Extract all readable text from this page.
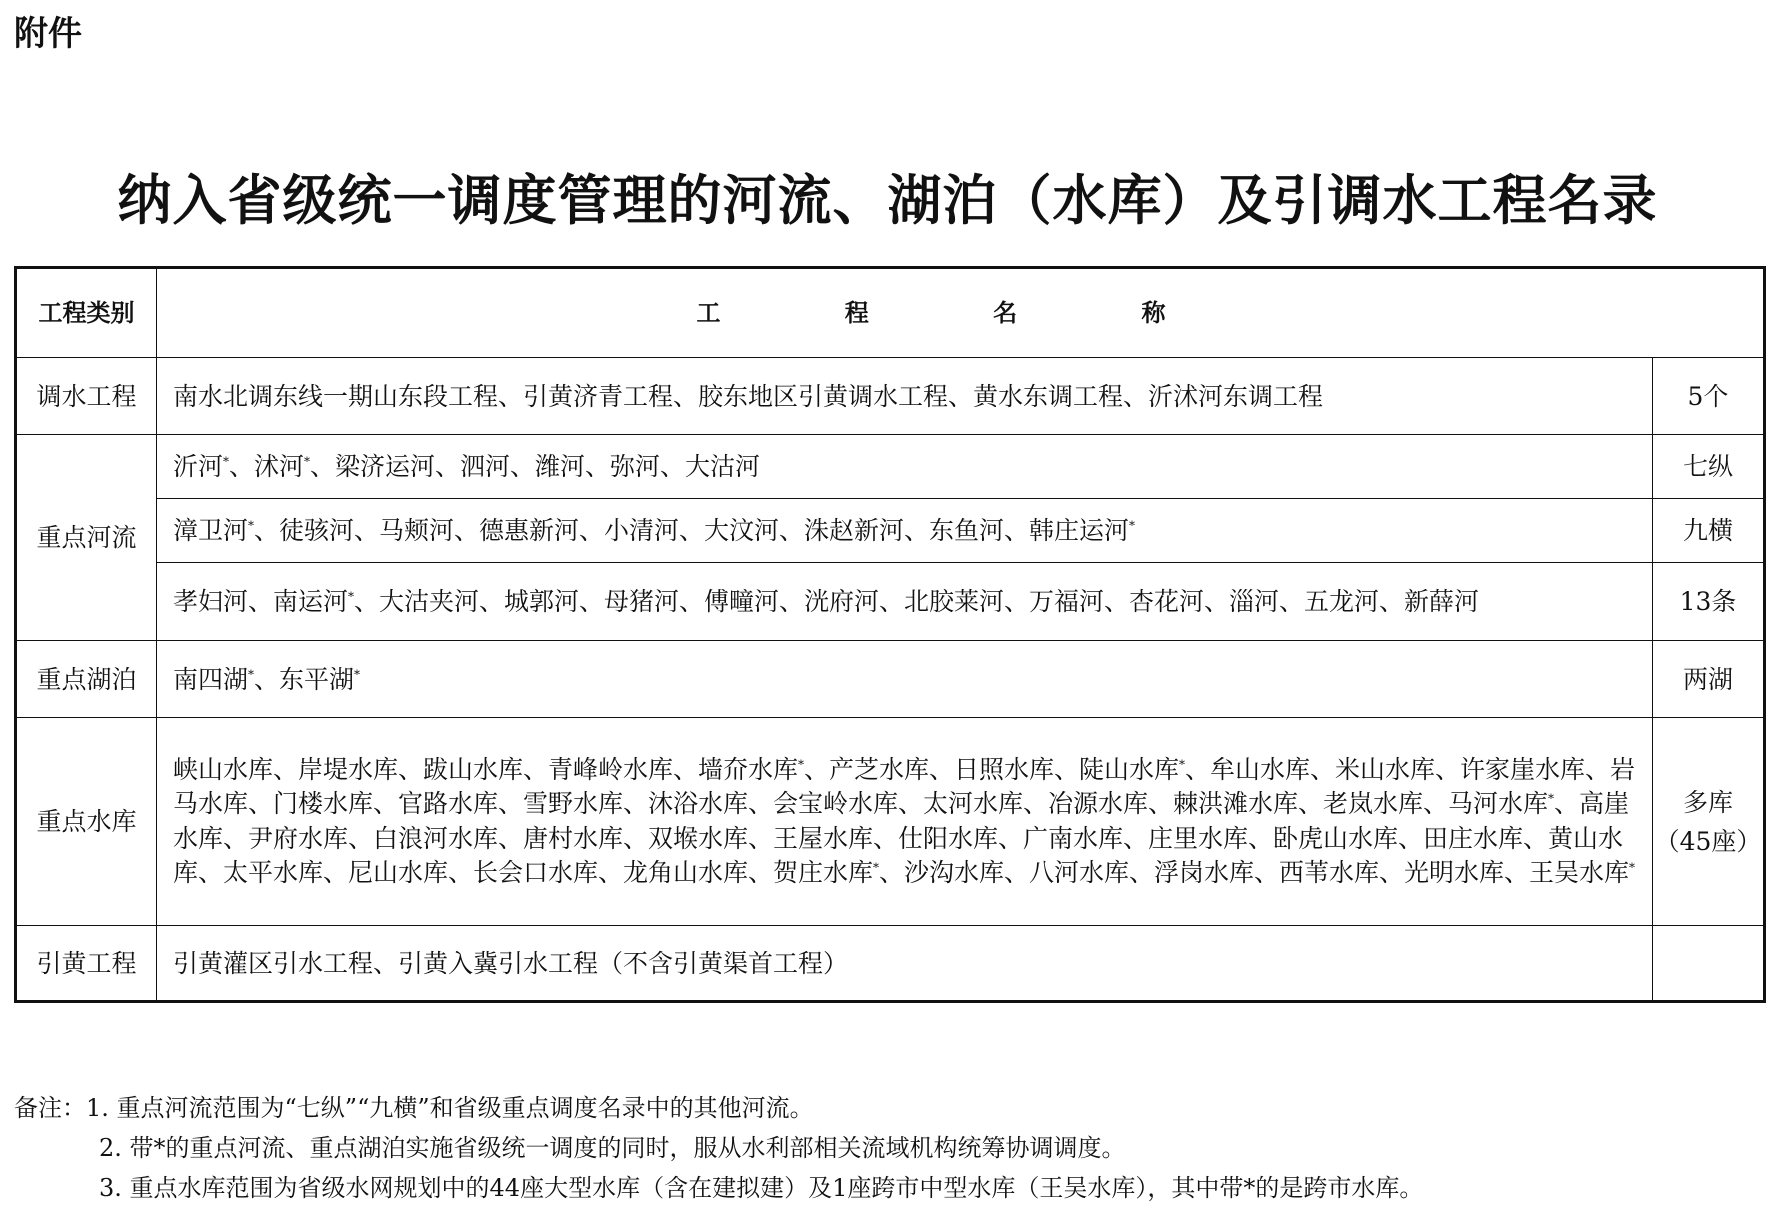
附件
纳入省级统一调度管理的河流、湖泊（水库）及引调水工程名录
工程类别	工 程 名 称	
调水工程	南水北调东线一期山东段工程、引黄济青工程、胶东地区引黄调水工程、黄水东调工程、沂沭河东调工程	5个
重点河流	沂河*、沭河*、梁济运河、泗河、潍河、弥河、大沽河	七纵
	漳卫河*、徒骇河、马颊河、德惠新河、小清河、大汶河、洙赵新河、东鱼河、韩庄运河*	九横
	孝妇河、南运河*、大沽夹河、城郭河、母猪河、傅疃河、洸府河、北胶莱河、万福河、杏花河、淄河、五龙河、新薛河	13条
重点湖泊	南四湖*、东平湖*	两湖
重点水库	峡山水库、岸堤水库、跋山水库、青峰岭水库、墙夼水库*、产芝水库、日照水库、陡山水库*、牟山水库、米山水库、许家崖水库、岩马水库、门楼水库、官路水库、雪野水库、沐浴水库、会宝岭水库、太河水库、冶源水库、棘洪滩水库、老岚水库、马河水库*、高崖水库、尹府水库、白浪河水库、唐村水库、双堠水库、王屋水库、仕阳水库、广南水库、庄里水库、卧虎山水库、田庄水库、黄山水库、太平水库、尼山水库、长会口水库、龙角山水库、贺庄水库*、沙沟水库、八河水库、浮岗水库、西苇水库、光明水库、王吴水库*	多库
（45座）

引黄工程	引黄灌区引水工程、引黄入冀引水工程（不含引黄渠首工程）	
备注：1. 重点河流范围为“七纵”“九横”和省级重点调度名录中的其他河流。
2. 带*的重点河流、重点湖泊实施省级统一调度的同时，服从水利部相关流域机构统筹协调调度。
3. 重点水库范围为省级水网规划中的44座大型水库（含在建拟建）及1座跨市中型水库（王吴水库），其中带*的是跨市水库。
